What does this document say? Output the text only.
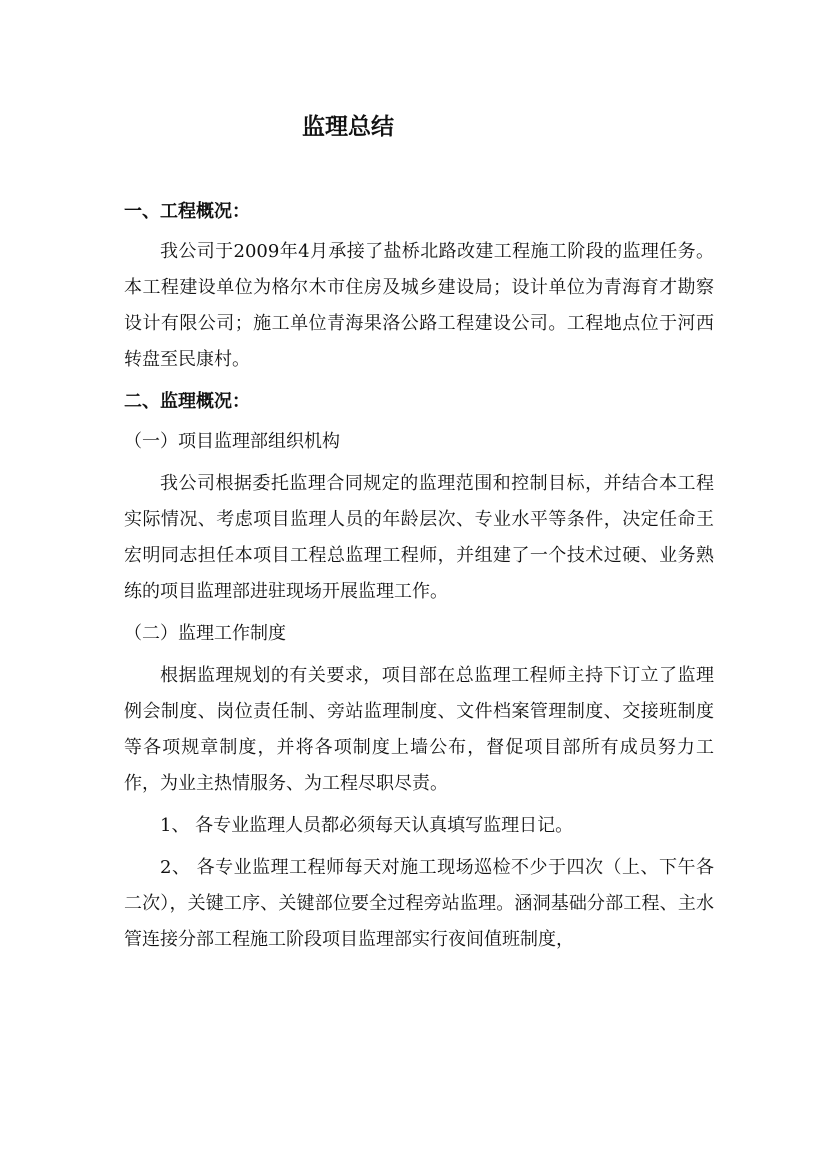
监理总结
一、工程概况：

我公司于2009年4月承接了盐桥北路改建工程施工阶段的监理任务。本工程建设单位为格尔木市住房及城乡建设局；设计单位为青海育才勘察设计有限公司；施工单位青海果洛公路工程建设公司。工程地点位于河西转盘至民康村。

二、监理概况：
（一）项目监理部组织机构

我公司根据委托监理合同规定的监理范围和控制目标，并结合本工程实际情况、考虑项目监理人员的年龄层次、专业水平等条件，决定任命王宏明同志担任本项目工程总监理工程师，并组建了一个技术过硬、业务熟练的项目监理部进驻现场开展监理工作。

（二）监理工作制度

根据监理规划的有关要求，项目部在总监理工程师主持下订立了监理例会制度、岗位责任制、旁站监理制度、文件档案管理制度、交接班制度等各项规章制度，并将各项制度上墙公布，督促项目部所有成员努力工作，为业主热情服务、为工程尽职尽责。

1、 各专业监理人员都必须每天认真填写监理日记。

2、 各专业监理工程师每天对施工现场巡检不少于四次（上、下午各二次），关键工序、关键部位要全过程旁站监理。涵洞基础分部工程、主水管连接分部工程施工阶段项目监理部实行夜间值班制度，
